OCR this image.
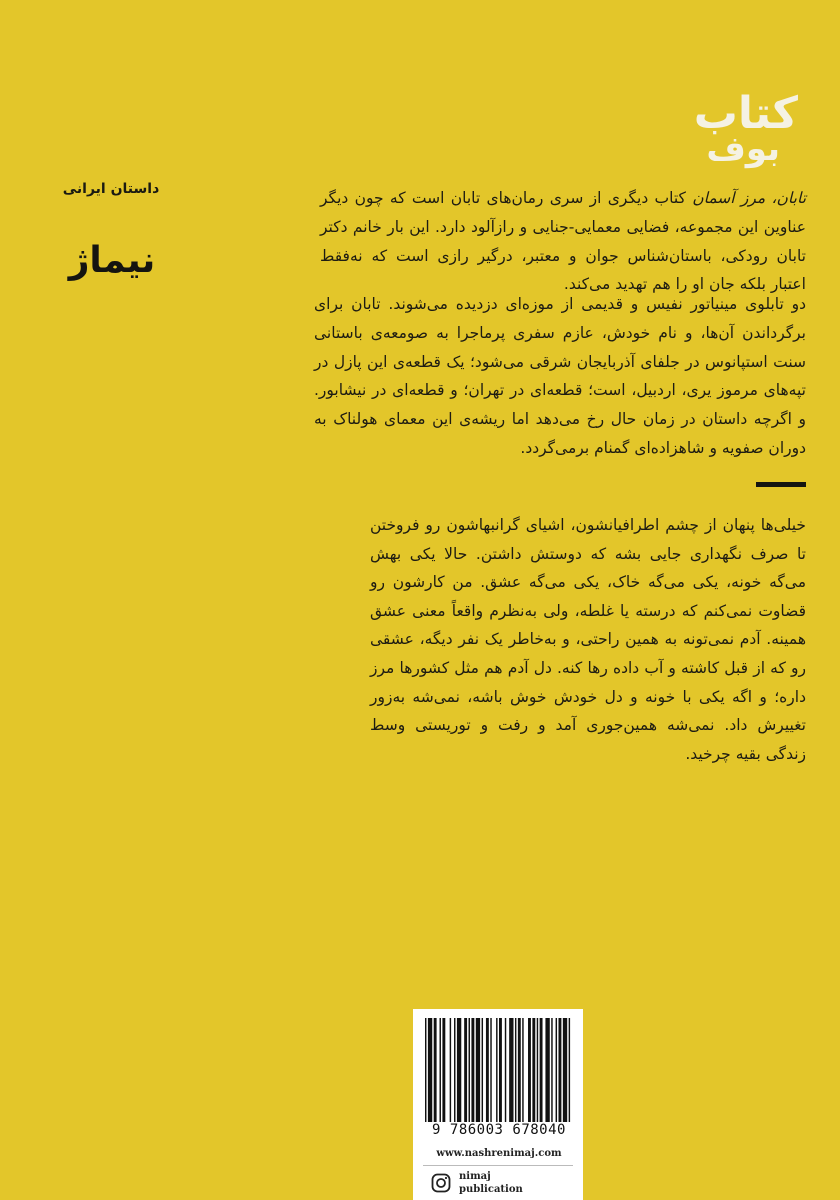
کتاب
بوف
داستان ایرانی
نیماژ

تابان، مرز آسمان کتاب دیگری از سری رمان‌های تابان است که چون دیگر عناوین این مجموعه، فضایی معمایی-جنایی و رازآلود دارد. این بار خانم دکتر تابان رودکی، باستان‌شناس جوان و معتبر، درگیر رازی است که نه‌فقط اعتبار بلکه جان او را هم تهدید می‌کند.

دو تابلوی مینیاتور نفیس و قدیمی از موزه‌ای دزدیده می‌شوند. تابان برای برگرداندن آن‌ها، و نام خودش، عازم سفری پرماجرا به صومعه‌ی باستانی سنت استپانوس در جلفای آذربایجان شرقی می‌شود؛ یک قطعه‌ی این پازل در تپه‌های مرموز یری، اردبیل، است؛ قطعه‌ای در تهران؛ و قطعه‌ای در نیشابور. و اگرچه داستان در زمان حال رخ می‌دهد اما ریشه‌ی این معمای هولناک به دوران صفویه و شاهزاده‌ای گمنام برمی‌گردد.

خیلی‌ها پنهان از چشم اطرافیانشون، اشیای گرانبهاشون رو فروختن تا صرف نگهداری جایی بشه که دوستش داشتن. حالا یکی بهش می‌گه خونه، یکی می‌گه خاک، یکی می‌گه عشق. من کارشون رو قضاوت نمی‌کنم که درسته یا غلطه، ولی به‌نظرم واقعاً معنی عشق همینه. آدم نمی‌تونه به همین راحتی، و به‌خاطر یک نفر دیگه، عشقی رو که از قبل کاشته و آب داده رها کنه. دل آدم هم مثل کشورها مرز داره؛ و اگه یکی با خونه و دل خودش خوش باشه، نمی‌شه به‌زور تغییرش داد. نمی‌شه همین‌جوری آمد و رفت و توریستی وسط زندگی بقیه چرخید.

9 786003 678040
www.nashrenimaj.com
nimaj
publication
